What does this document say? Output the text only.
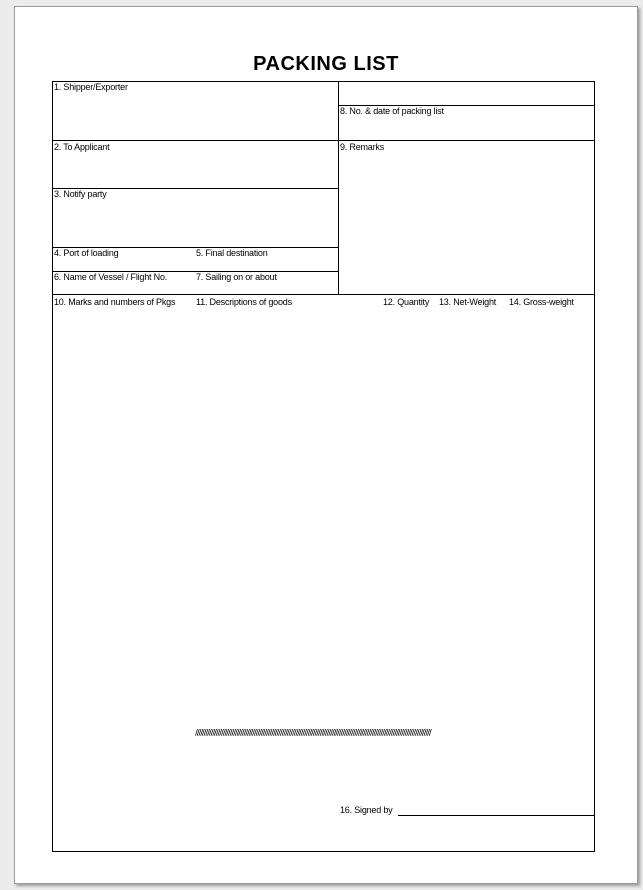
PACKING LIST
1. Shipper/Exporter
8. No. & date of packing list
2. To Applicant	9. Remarks
3. Notify party
4. Port of loading	5. Final destination
6. Name of Vessel / Flight No.	7. Sailing on or about
10. Marks and numbers of Pkgs 11. Descriptions of goods	12. Quantity 13. Net-Weight 14. Gross-weight
////////////////////////////////////////////////////////////////////////////////////////////////////////////////////////////////////////
16. Signed by
